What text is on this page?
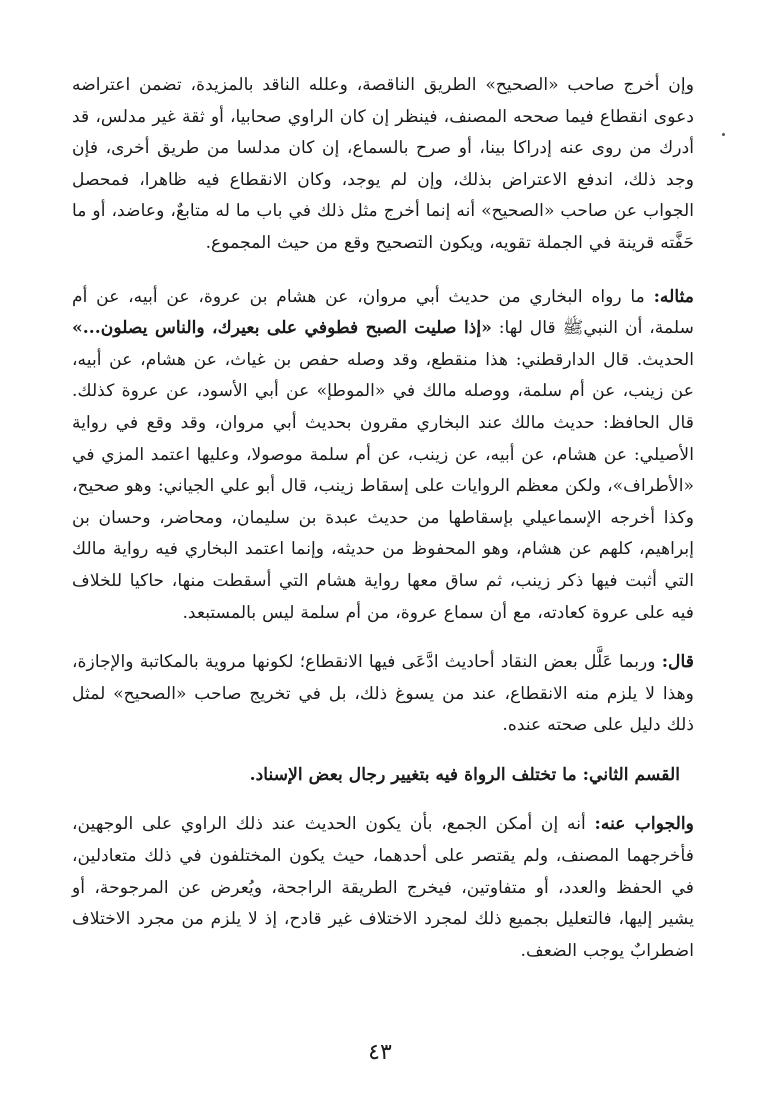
وإن أخرج صاحب «الصحيح» الطريق الناقصة، وعلله الناقد بالمزيدة، تضمن اعتراضه دعوى انقطاع فيما صححه المصنف، فينظر إن كان الراوي صحابيا، أو ثقة غير مدلس، قد أدرك من روى عنه إدراكا بينا، أو صرح بالسماع، إن كان مدلسا من طريق أخرى، فإن وجد ذلك، اندفع الاعتراض بذلك، وإن لم يوجد، وكان الانقطاع فيه ظاهرا، فمحصل الجواب عن صاحب «الصحيح» أنه إنما أخرج مثل ذلك في باب ما له متابعٌ، وعاضد، أو ما حَفَّته قرينة في الجملة تقويه، ويكون التصحيح وقع من حيث المجموع.

مثاله: ما رواه البخاري من حديث أبي مروان، عن هشام بن عروة، عن أبيه، عن أم سلمة، أن النبيﷺ قال لها: «إذا صليت الصبح فطوفي على بعيرك، والناس يصلون...» الحديث. قال الدارقطني: هذا منقطع، وقد وصله حفص بن غياث، عن هشام، عن أبيه، عن زينب، عن أم سلمة، ووصله مالك في «الموطإ» عن أبي الأسود، عن عروة كذلك. قال الحافظ: حديث مالك عند البخاري مقرون بحديث أبي مروان، وقد وقع في رواية الأصيلي: عن هشام، عن أبيه، عن زينب، عن أم سلمة موصولا، وعليها اعتمد المزي في «الأطراف»، ولكن معظم الروايات على إسقاط زينب، قال أبو علي الجياني: وهو صحيح، وكذا أخرجه الإسماعيلي بإسقاطها من حديث عبدة بن سليمان، ومحاضر، وحسان بن إبراهيم، كلهم عن هشام، وهو المحفوظ من حديثه، وإنما اعتمد البخاري فيه رواية مالك التي أثبت فيها ذكر زينب، ثم ساق معها رواية هشام التي أسقطت منها، حاكيا للخلاف فيه على عروة كعادته، مع أن سماع عروة، من أم سلمة ليس بالمستبعد.

قال: وربما عَلَّل بعض النقاد أحاديث ادَّعَى فيها الانقطاع؛ لكونها مروية بالمكاتبة والإجازة، وهذا لا يلزم منه الانقطاع، عند من يسوغ ذلك، بل في تخريج صاحب «الصحيح» لمثل ذلك دليل على صحته عنده.

القسم الثاني: ما تختلف الرواة فيه بتغيير رجال بعض الإسناد.

والجواب عنه: أنه إن أمكن الجمع، بأن يكون الحديث عند ذلك الراوي على الوجهين، فأخرجهما المصنف، ولم يقتصر على أحدهما، حيث يكون المختلفون في ذلك متعادلين، في الحفظ والعدد، أو متفاوتين، فيخرج الطريقة الراجحة، ويُعرض عن المرجوحة، أو يشير إليها، فالتعليل بجميع ذلك لمجرد الاختلاف غير قادح، إذ لا يلزم من مجرد الاختلاف اضطرابٌ يوجب الضعف.

٤٣
